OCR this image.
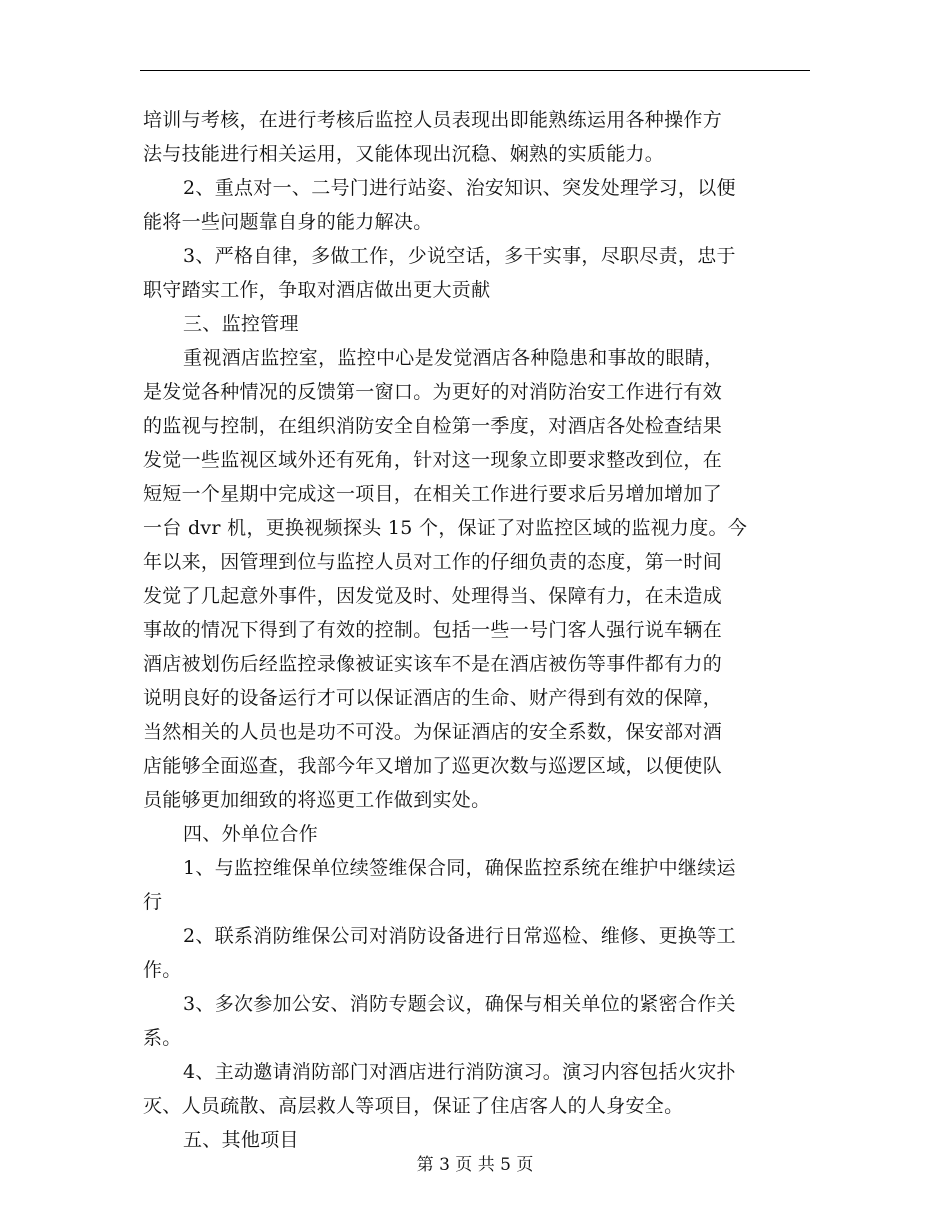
培训与考核，在进行考核后监控人员表现出即能熟练运用各种操作方
法与技能进行相关运用，又能体现出沉稳、娴熟的实质能力。
2、重点对一、二号门进行站姿、治安知识、突发处理学习，以便
能将一些问题靠自身的能力解决。
3、严格自律，多做工作，少说空话，多干实事，尽职尽责，忠于
职守踏实工作，争取对酒店做出更大贡献
三、监控管理
重视酒店监控室，监控中心是发觉酒店各种隐患和事故的眼睛，
是发觉各种情况的反馈第一窗口。为更好的对消防治安工作进行有效
的监视与控制，在组织消防安全自检第一季度，对酒店各处检查结果
发觉一些监视区域外还有死角，针对这一现象立即要求整改到位，在
短短一个星期中完成这一项目，在相关工作进行要求后另增加增加了
一台 dvr 机，更换视频探头 15 个，保证了对监控区域的监视力度。今
年以来，因管理到位与监控人员对工作的仔细负责的态度，第一时间
发觉了几起意外事件，因发觉及时、处理得当、保障有力，在未造成
事故的情况下得到了有效的控制。包括一些一号门客人强行说车辆在
酒店被划伤后经监控录像被证实该车不是在酒店被伤等事件都有力的
说明良好的设备运行才可以保证酒店的生命、财产得到有效的保障，
当然相关的人员也是功不可没。为保证酒店的安全系数，保安部对酒
店能够全面巡查，我部今年又增加了巡更次数与巡逻区域，以便使队
员能够更加细致的将巡更工作做到实处。
四、外单位合作
1、与监控维保单位续签维保合同，确保监控系统在维护中继续运
行
2、联系消防维保公司对消防设备进行日常巡检、维修、更换等工
作。
3、多次参加公安、消防专题会议，确保与相关单位的紧密合作关
系。
4、主动邀请消防部门对酒店进行消防演习。演习内容包括火灾扑
灭、人员疏散、高层救人等项目，保证了住店客人的人身安全。
五、其他项目
第 3 页 共 5 页
